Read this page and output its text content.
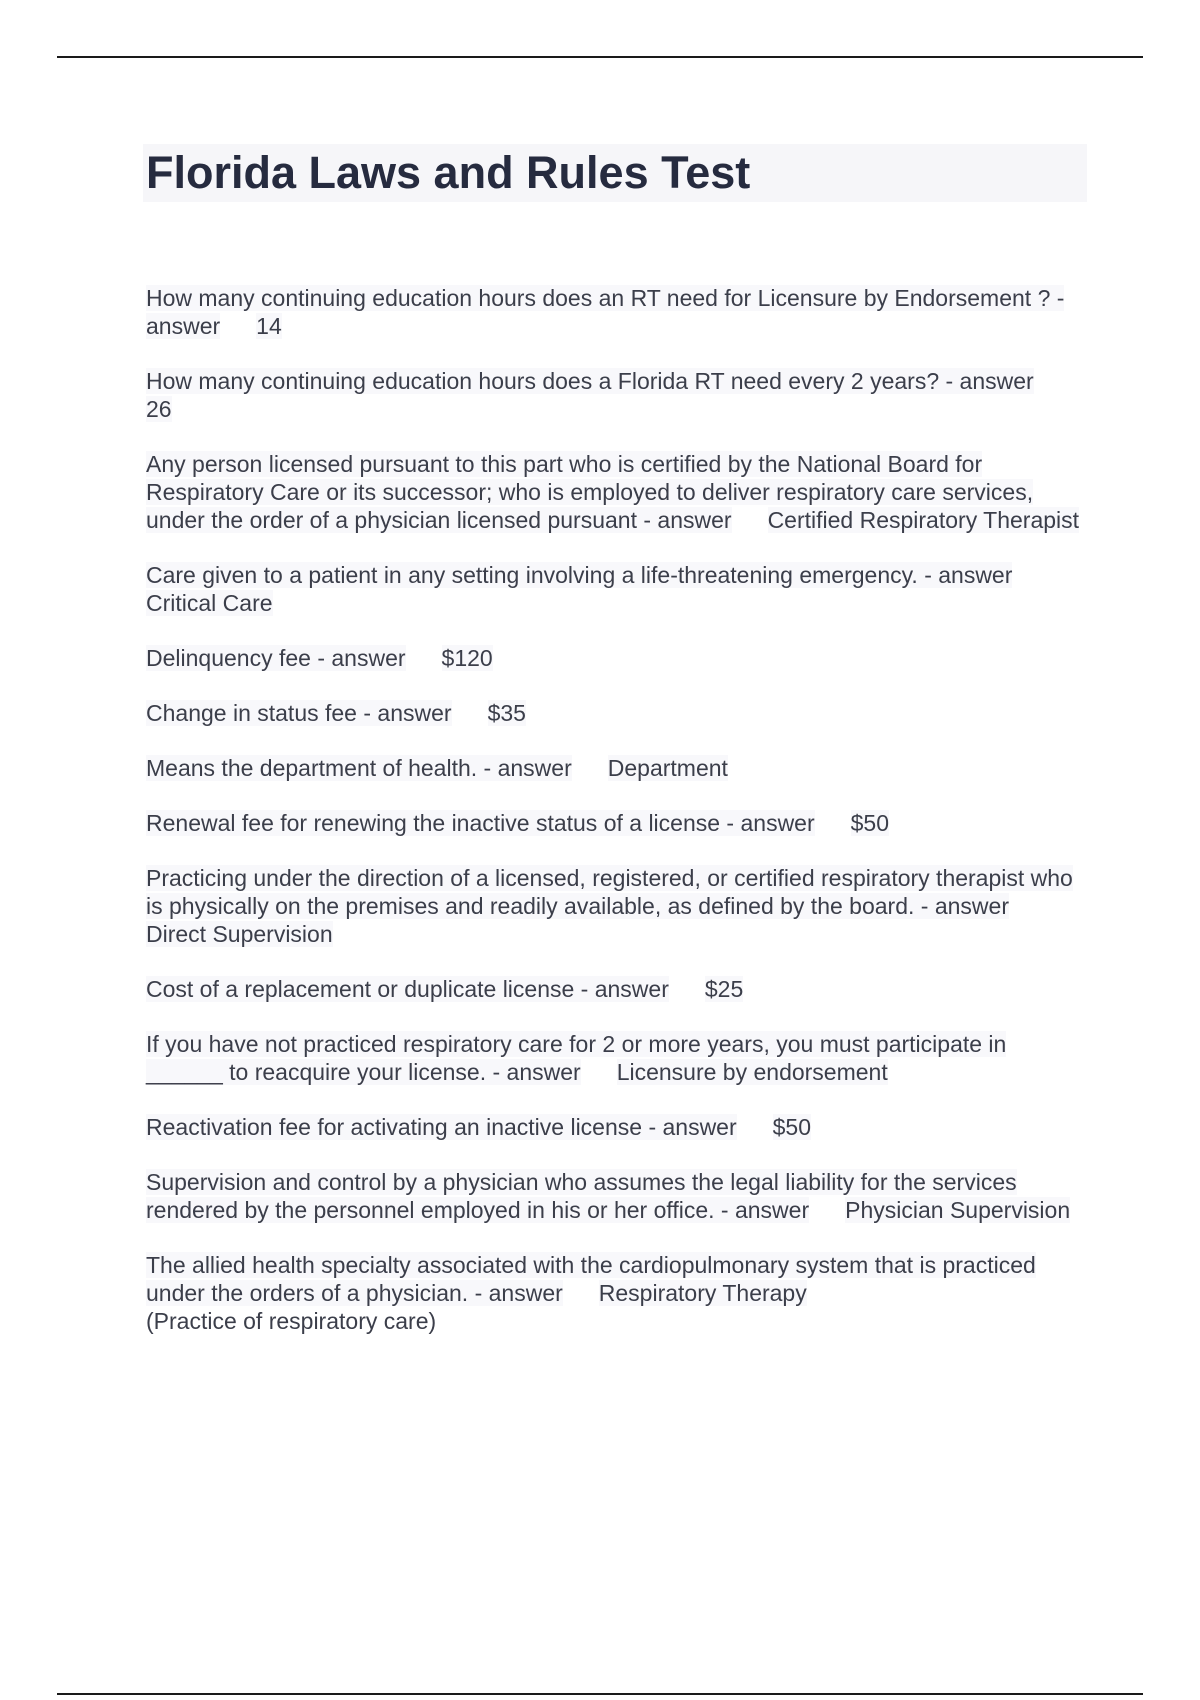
Florida Laws and Rules Test
How many continuing education hours does an RT need for Licensure by Endorsement ? - answer 14
How many continuing education hours does a Florida RT need every 2 years? - answer26
Any person licensed pursuant to this part who is certified by the National Board for Respiratory Care or its successor; who is employed to deliver respiratory care services, under the order of a physician licensed pursuant - answer Certified Respiratory Therapist
Care given to a patient in any setting involving a life-threatening emergency. - answerCritical Care
Delinquency fee - answer $120
Change in status fee - answer $35
Means the department of health. - answer Department
Renewal fee for renewing the inactive status of a license - answer $50
Practicing under the direction of a licensed, registered, or certified respiratory therapist who is physically on the premises and readily available, as defined by the board. - answerDirect Supervision
Cost of a replacement or duplicate license - answer $25
If you have not practiced respiratory care for 2 or more years, you must participate in ______ to reacquire your license. - answer Licensure by endorsement
Reactivation fee for activating an inactive license - answer $50
Supervision and control by a physician who assumes the legal liability for the services rendered by the personnel employed in his or her office. - answer Physician Supervision
The allied health specialty associated with the cardiopulmonary system that is practiced under the orders of a physician. - answer Respiratory Therapy
(Practice of respiratory care)
